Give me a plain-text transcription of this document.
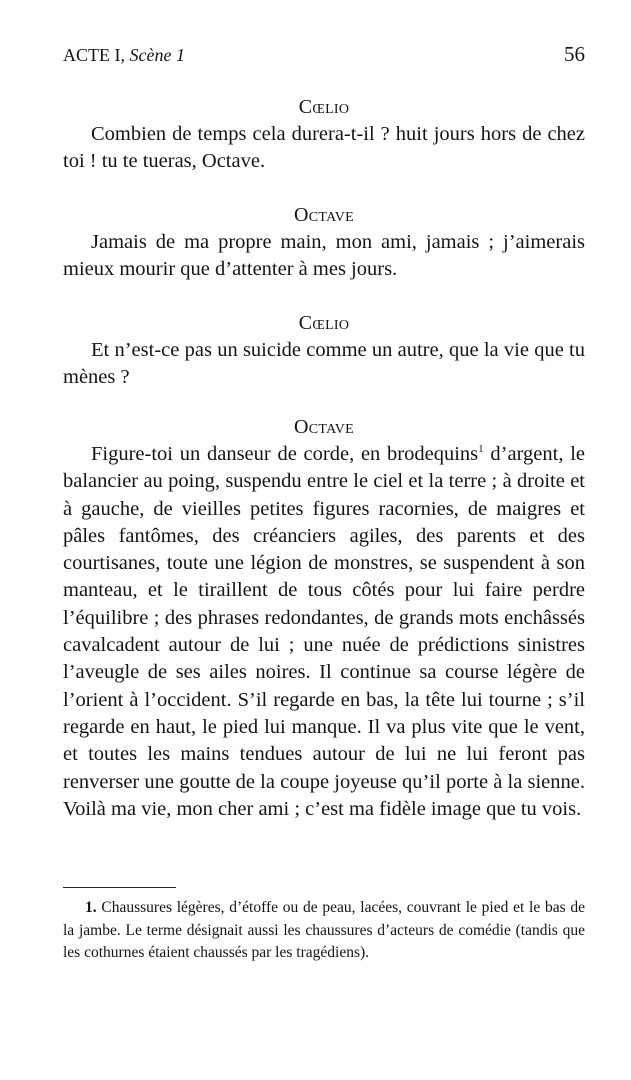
ACTE I, Scène 1	56
Cœlio

Combien de temps cela durera-t-il ? huit jours hors de chez toi ! tu te tueras, Octave.

Octave

Jamais de ma propre main, mon ami, jamais ; j’aimerais mieux mourir que d’attenter à mes jours.

Cœlio

Et n’est-ce pas un suicide comme un autre, que la vie que tu mènes ?

Octave

Figure-toi un danseur de corde, en brodequins$^1$ d’argent, le balancier au poing, suspendu entre le ciel et la terre ; à droite et à gauche, de vieilles petites figures racornies, de maigres et pâles fantômes, des créanciers agiles, des parents et des courtisanes, toute une légion de monstres, se suspendent à son manteau, et le tiraillent de tous côtés pour lui faire perdre l’équilibre ; des phrases redondantes, de grands mots enchâssés cavalcadent autour de lui ; une nuée de prédictions sinistres l’aveugle de ses ailes noires. Il continue sa course légère de l’orient à l’occident. S’il regarde en bas, la tête lui tourne ; s’il regarde en haut, le pied lui manque. Il va plus vite que le vent, et toutes les mains tendues autour de lui ne lui feront pas renverser une goutte de la coupe joyeuse qu’il porte à la sienne. Voilà ma vie, mon cher ami ; c’est ma fidèle image que tu vois.

1. Chaussures légères, d’étoffe ou de peau, lacées, couvrant le pied et le bas de la jambe. Le terme désignait aussi les chaussures d’acteurs de comédie (tandis que les cothurnes étaient chaussés par les tragédiens).
